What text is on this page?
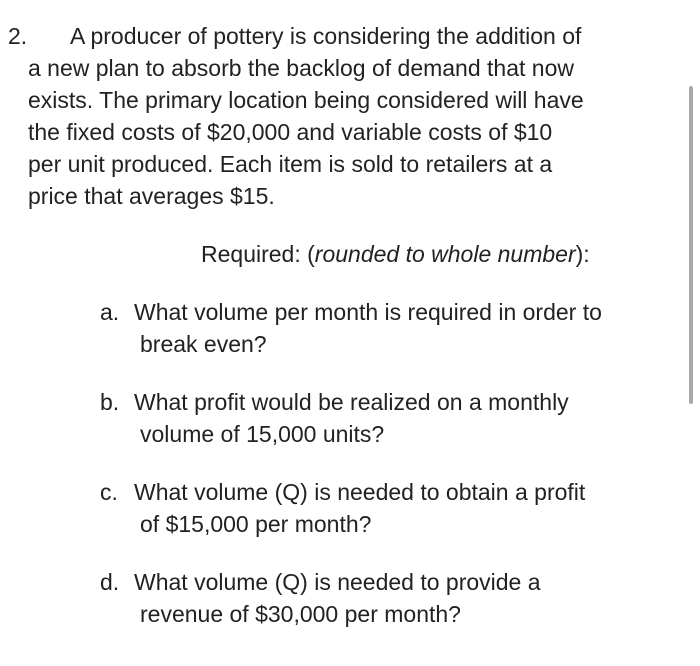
2. A producer of pottery is considering the addition of
a new plan to absorb the backlog of demand that now
exists. The primary location being considered will have
the fixed costs of $20,000 and variable costs of $10
per unit produced. Each item is sold to retailers at a
price that averages $15.
Required: (rounded to whole number):
a. What volume per month is required in order to
break even?
b. What profit would be realized on a monthly
volume of 15,000 units?
c. What volume (Q) is needed to obtain a profit
of $15,000 per month?
d. What volume (Q) is needed to provide a
revenue of $30,000 per month?
